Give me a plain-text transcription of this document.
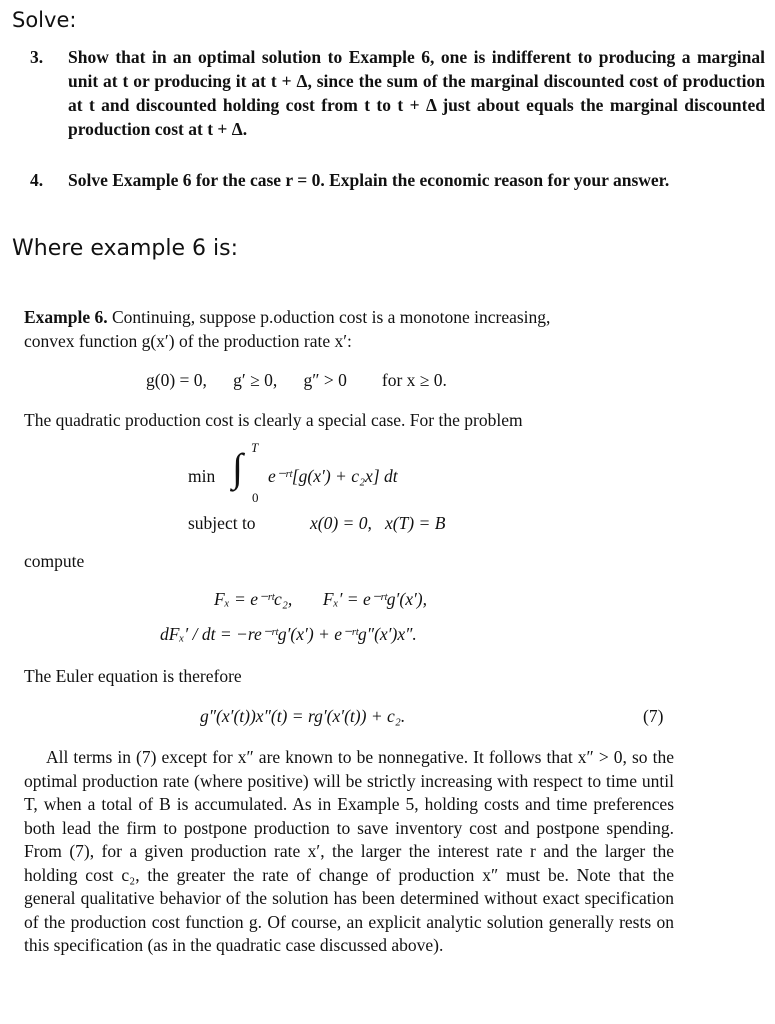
Solve:
3. Show that in an optimal solution to Example 6, one is indifferent to producing a marginal unit at t or producing it at t + Δ, since the sum of the marginal discounted cost of production at t and discounted holding cost from t to t + Δ just about equals the marginal discounted production cost at t + Δ.
4. Solve Example 6 for the case r = 0. Explain the economic reason for your answer.
Where example 6 is:
Example 6. Continuing, suppose p.oduction cost is a monotone increasing,
convex function g(x′) of the production rate x′:
g(0) = 0,      g′ ≥ 0,      g″ > 0        for x ≥ 0.
The quadratic production cost is clearly a special case. For the problem
min ∫ T
0
e⁻ʳᵗ[g(x′) + c₂x] dt
subject to	x(0) = 0,   x(T) = B
compute
Fₓ = e⁻ʳᵗc₂,       Fₓ′ = e⁻ʳᵗg′(x′),
dFₓ′ / dt = −re⁻ʳᵗg′(x′) + e⁻ʳᵗg″(x′)x″.
The Euler equation is therefore
g″(x′(t))x″(t) = rg′(x′(t)) + c₂.	(7)
All terms in (7) except for x″ are known to be nonnegative. It follows that x″ > 0, so the optimal production rate (where positive) will be strictly increasing with respect to time until T, when a total of B is accumulated. As in Example 5, holding costs and time preferences both lead the firm to postpone production to save inventory cost and postpone spending. From (7), for a given production rate x′, the larger the interest rate r and the larger the holding cost c₂, the greater the rate of change of production x″ must be. Note that the general qualitative behavior of the solution has been determined without exact specification of the production cost function g. Of course, an explicit analytic solution generally rests on this specification (as in the quadratic case discussed above).
